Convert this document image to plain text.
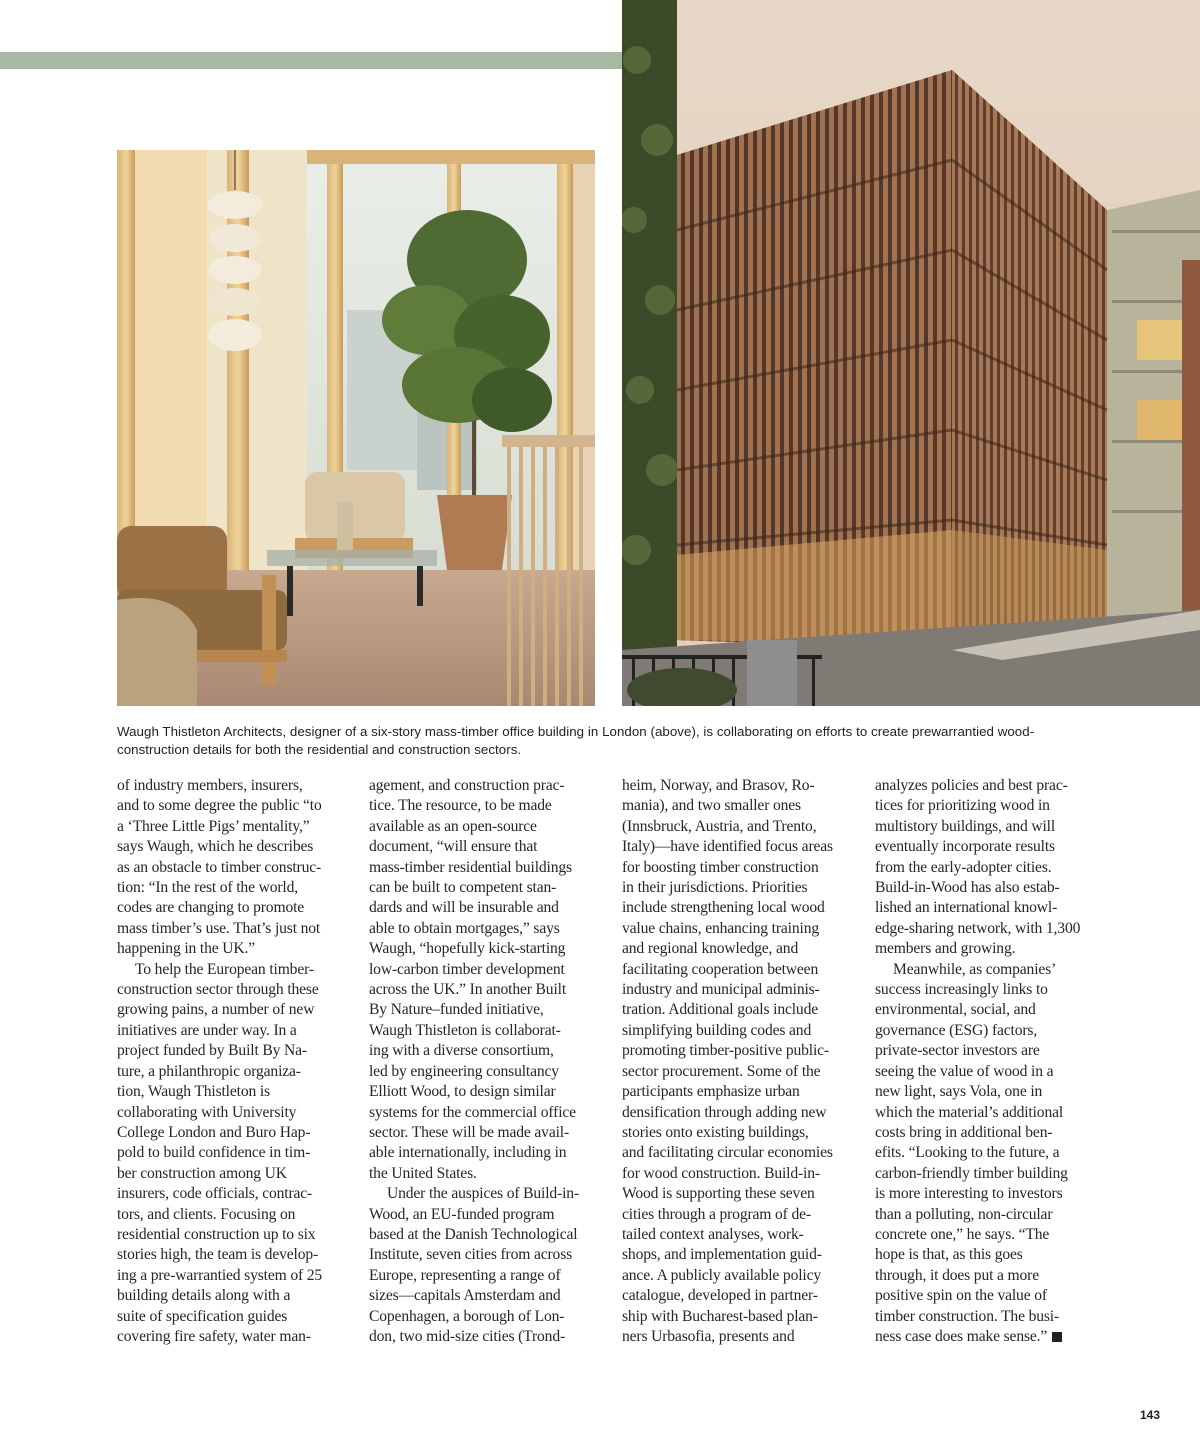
Waugh Thistleton Architects, designer of a six-story mass-timber office building in London (above), is collaborating on efforts to create prewarrantied wood-construction details for both the residential and construction sectors.

of industry members, insurers,

and to some degree the public “to

a ‘Three Little Pigs’ mentality,”

says Waugh, which he describes

as an obstacle to timber construc-

tion: “In the rest of the world,

codes are changing to promote

mass timber’s use. That’s just not

happening in the UK.”

To help the European timber-

construction sector through these

growing pains, a number of new

initiatives are under way. In a

project funded by Built By Na-

ture, a philanthropic organiza-

tion, Waugh Thistleton is

collaborating with University

College London and Buro Hap-

pold to build confidence in tim-

ber construction among UK

insurers, code officials, contrac-

tors, and clients. Focusing on

residential construction up to six

stories high, the team is develop-

ing a pre-warrantied system of 25

building details along with a

suite of specification guides

covering fire safety, water man-

agement, and construction prac-

tice. The resource, to be made

available as an open-source

document, “will ensure that

mass-timber residential buildings

can be built to competent stan-

dards and will be insurable and

able to obtain mortgages,” says

Waugh, “hopefully kick-starting

low-carbon timber development

across the UK.” In another Built

By Nature–funded initiative,

Waugh Thistleton is collaborat-

ing with a diverse consortium,

led by engineering consultancy

Elliott Wood, to design similar

systems for the commercial office

sector. These will be made avail-

able internationally, including in

the United States.

Under the auspices of Build-in-

Wood, an EU-funded program

based at the Danish Technological

Institute, seven cities from across

Europe, representing a range of

sizes—capitals Amsterdam and

Copenhagen, a borough of Lon-

don, two mid-size cities (Trond-

heim, Norway, and Brasov, Ro-

mania), and two smaller ones

(Innsbruck, Austria, and Trento,

Italy)—have identified focus areas

for boosting timber construction

in their jurisdictions. Priorities

include strengthening local wood

value chains, enhancing training

and regional knowledge, and

facilitating cooperation between

industry and municipal adminis-

tration. Additional goals include

simplifying building codes and

promoting timber-positive public-

sector procurement. Some of the

participants emphasize urban

densification through adding new

stories onto existing buildings,

and facilitating circular economies

for wood construction. Build-in-

Wood is supporting these seven

cities through a program of de-

tailed context analyses, work-

shops, and implementation guid-

ance. A publicly available policy

catalogue, developed in partner-

ship with Bucharest-based plan-

ners Urbasofia, presents and

analyzes policies and best prac-

tices for prioritizing wood in

multistory buildings, and will

eventually incorporate results

from the early-adopter cities.

Build-in-Wood has also estab-

lished an international knowl-

edge-sharing network, with 1,300

members and growing.

Meanwhile, as companies’

success increasingly links to

environmental, social, and

governance (ESG) factors,

private-sector investors are

seeing the value of wood in a

new light, says Vola, one in

which the material’s additional

costs bring in additional ben-

efits. “Looking to the future, a

carbon-friendly timber building

is more interesting to investors

than a polluting, non-circular

concrete one,” he says. “The

hope is that, as this goes

through, it does put a more

positive spin on the value of

timber construction. The busi-

ness case does make sense.”

143
